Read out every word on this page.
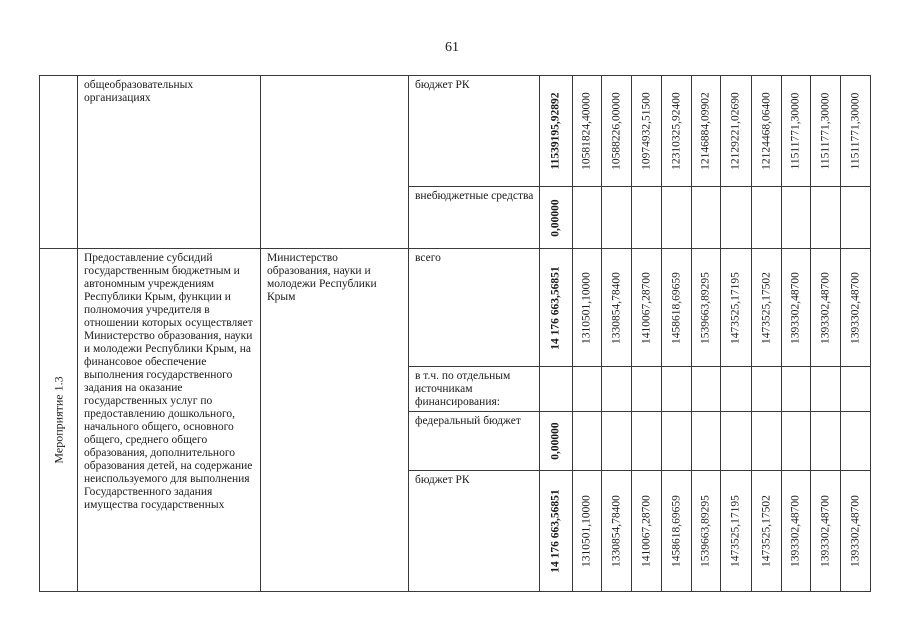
61

	общеобразовательных организациях		бюджет РК	11539195,92892	10581824,40000	10588226,00000	10974932,51500	12310325,92400	12146884,09902	12129221,02690	12124468,06400	11511771,30000	11511771,30000	11511771,30000

			внебюджетные средства	0,00000										

Мероприятие 1.3	Предоставление субсидий государственным бюджетным и автономным учреждениям Республики Крым, функции и полномочия учредителя в отношении которых осуществляет Министерство образования, науки и молодежи Республики Крым, на финансовое обеспечение выполнения государственного задания на оказание государственных услуг по предоставлению дошкольного, начального общего, основного общего, среднего общего образования, дополнительного образования детей, на содержание неиспользуемого для выполнения Государственного задания имущества государственных	Министерство образования, науки и молодежи Республики Крым	всего	14 176 663,56851	1310501,10000	1330854,78400	1410067,28700	1458618,69659	1539663,89295	1473525,17195	1473525,17502	1393302,48700	1393302,48700	1393302,48700

			в т.ч. по отдельным источникам финансирования:											

			федеральный бюджет	0,00000										

			бюджет РК	14 176 663,56851	1310501,10000	1330854,78400	1410067,28700	1458618,69659	1539663,89295	1473525,17195	1473525,17502	1393302,48700	1393302,48700	1393302,48700
